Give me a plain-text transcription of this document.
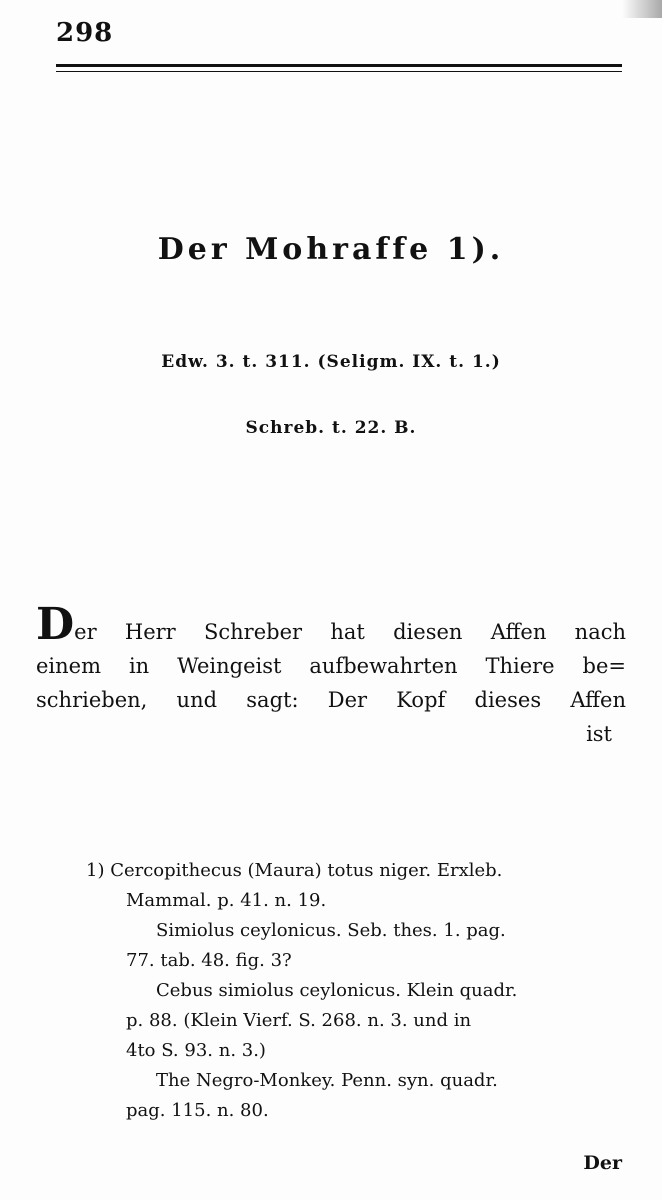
298
Der Mohraffe 1).
Edw. 3. t. 311. (Seligm. IX. t. 1.)
Schreb. t. 22. B.
Der Herr Schreber hat diesen Affen nach
einem in Weingeist aufbewahrten Thiere be=
schrieben, und sagt: Der Kopf dieses Affen
ist
1) Cercopithecus (Maura) totus niger. Erxleb.
Mammal. p. 41. n. 19.
Simiolus ceylonicus. Seb. thes. 1. pag.
77. tab. 48. fig. 3?
Cebus simiolus ceylonicus. Klein quadr.
p. 88. (Klein Vierf. S. 268. n. 3. und in
4to S. 93. n. 3.)
The Negro-Monkey. Penn. syn. quadr.
pag. 115. n. 80.
Der
